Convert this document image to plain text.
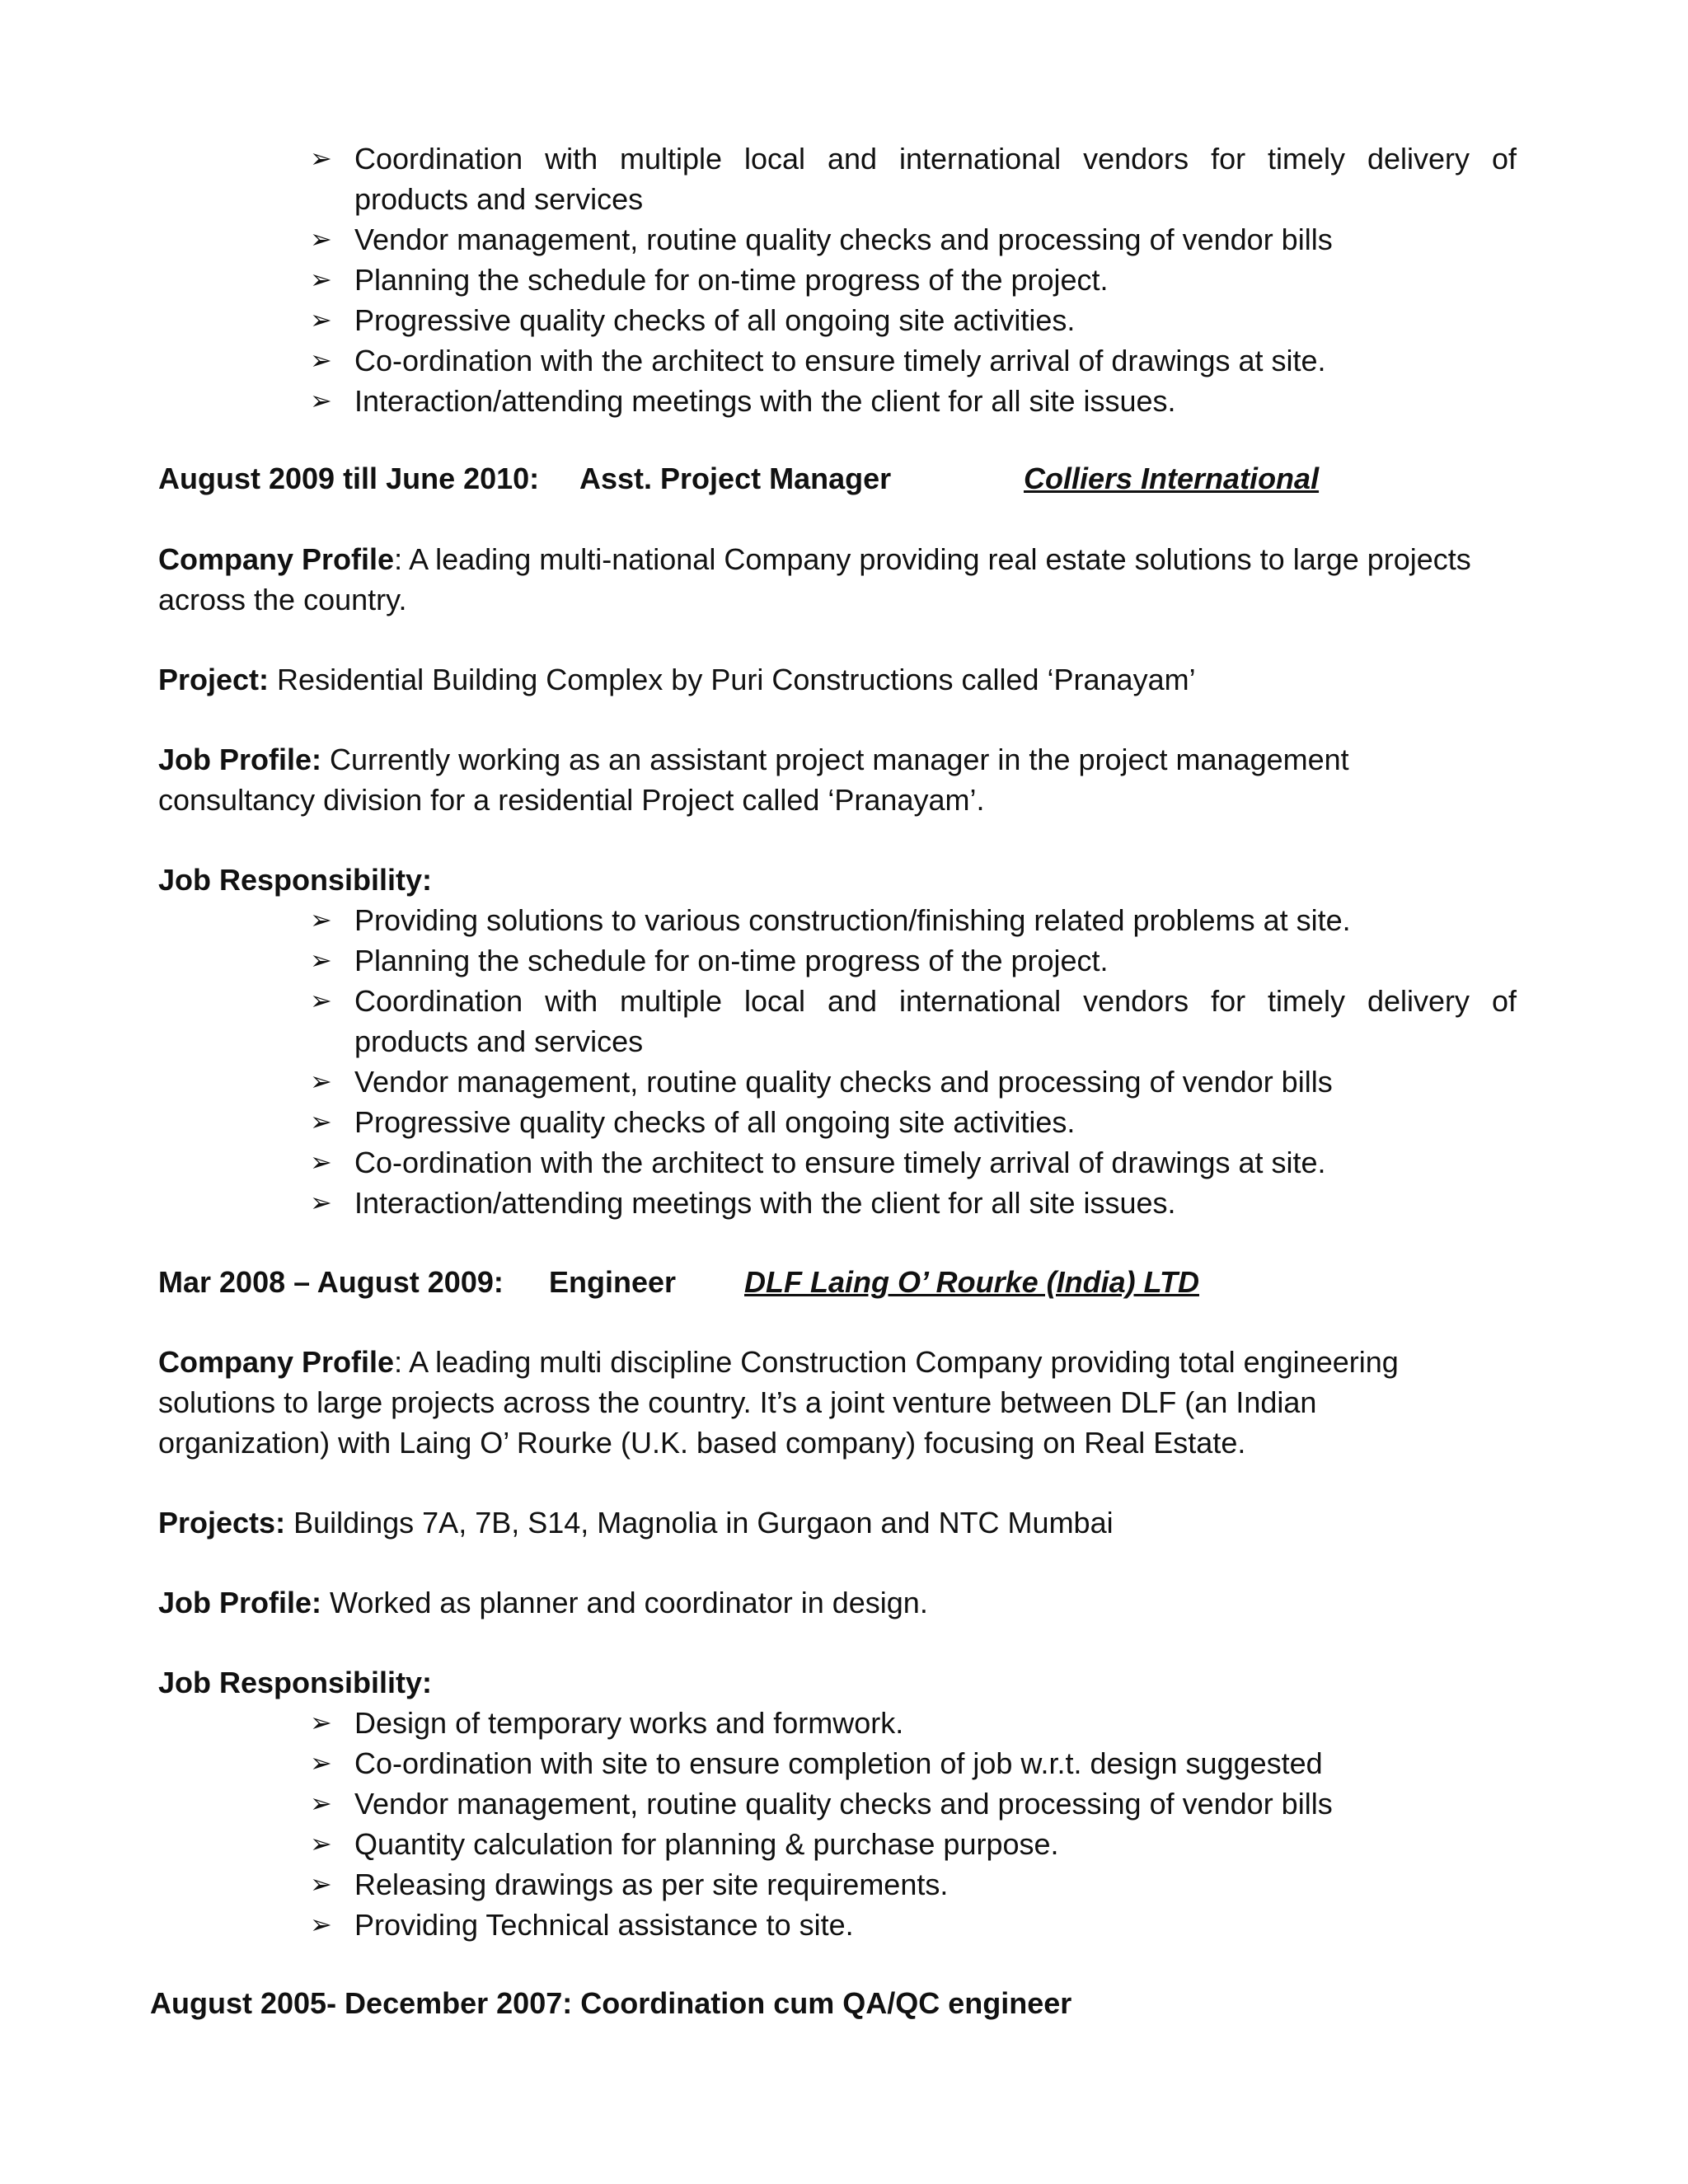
➢ Coordination with multiple local and international vendors for timely delivery of
products and services
➢ Vendor management, routine quality checks and processing of vendor bills
➢ Planning the schedule for on-time progress of the project.
➢ Progressive quality checks of all ongoing site activities.
➢ Co-ordination with the architect to ensure timely arrival of drawings at site.
➢ Interaction/attending meetings with the client for all site issues.
August 2009 till June 2010: Asst. Project Manager	Colliers International

Company Profile: A leading multi-national Company providing real estate solutions to large projects across the country.

Project: Residential Building Complex by Puri Constructions called ‘Pranayam’

Job Profile: Currently working as an assistant project manager in the project management consultancy division for a residential Project called ‘Pranayam’.

Job Responsibility:

➢ Providing solutions to various construction/finishing related problems at site.
➢ Planning the schedule for on-time progress of the project.
➢ Coordination with multiple local and international vendors for timely delivery of
products and services
➢ Vendor management, routine quality checks and processing of vendor bills
➢ Progressive quality checks of all ongoing site activities.
➢ Co-ordination with the architect to ensure timely arrival of drawings at site.
➢ Interaction/attending meetings with the client for all site issues.
Mar 2008 – August 2009: Engineer DLF Laing O’ Rourke (India) LTD

Company Profile: A leading multi discipline Construction Company providing total engineering solutions to large projects across the country. It’s a joint venture between DLF (an Indian organization) with Laing O’ Rourke (U.K. based company) focusing on Real Estate.

Projects: Buildings 7A, 7B, S14, Magnolia in Gurgaon and NTC Mumbai

Job Profile: Worked as planner and coordinator in design.

Job Responsibility:

➢ Design of temporary works and formwork.
➢ Co-ordination with site to ensure completion of job w.r.t. design suggested
➢ Vendor management, routine quality checks and processing of vendor bills
➢ Quantity calculation for planning & purchase purpose.
➢ Releasing drawings as per site requirements.
➢ Providing Technical assistance to site.
August 2005- December 2007: Coordination cum QA/QC engineer
